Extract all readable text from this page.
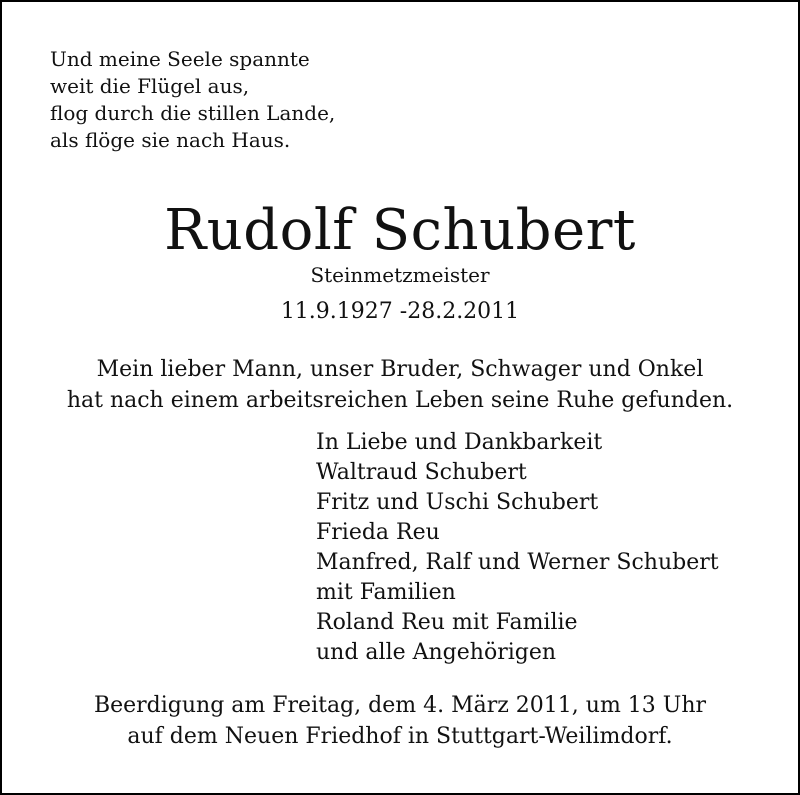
Und meine Seele spannte
weit die Flügel aus,
flog durch die stillen Lande,
als flöge sie nach Haus.
Rudolf Schubert
Steinmetzmeister
11.9.1927 -28.2.2011
Mein lieber Mann, unser Bruder, Schwager und Onkel
hat nach einem arbeitsreichen Leben seine Ruhe gefunden.
In Liebe und Dankbarkeit
Waltraud Schubert
Fritz und Uschi Schubert
Frieda Reu
Manfred, Ralf und Werner Schubert
mit Familien
Roland Reu mit Familie
und alle Angehörigen
Beerdigung am Freitag, dem 4. März 2011, um 13 Uhr
auf dem Neuen Friedhof in Stuttgart-Weilimdorf.
